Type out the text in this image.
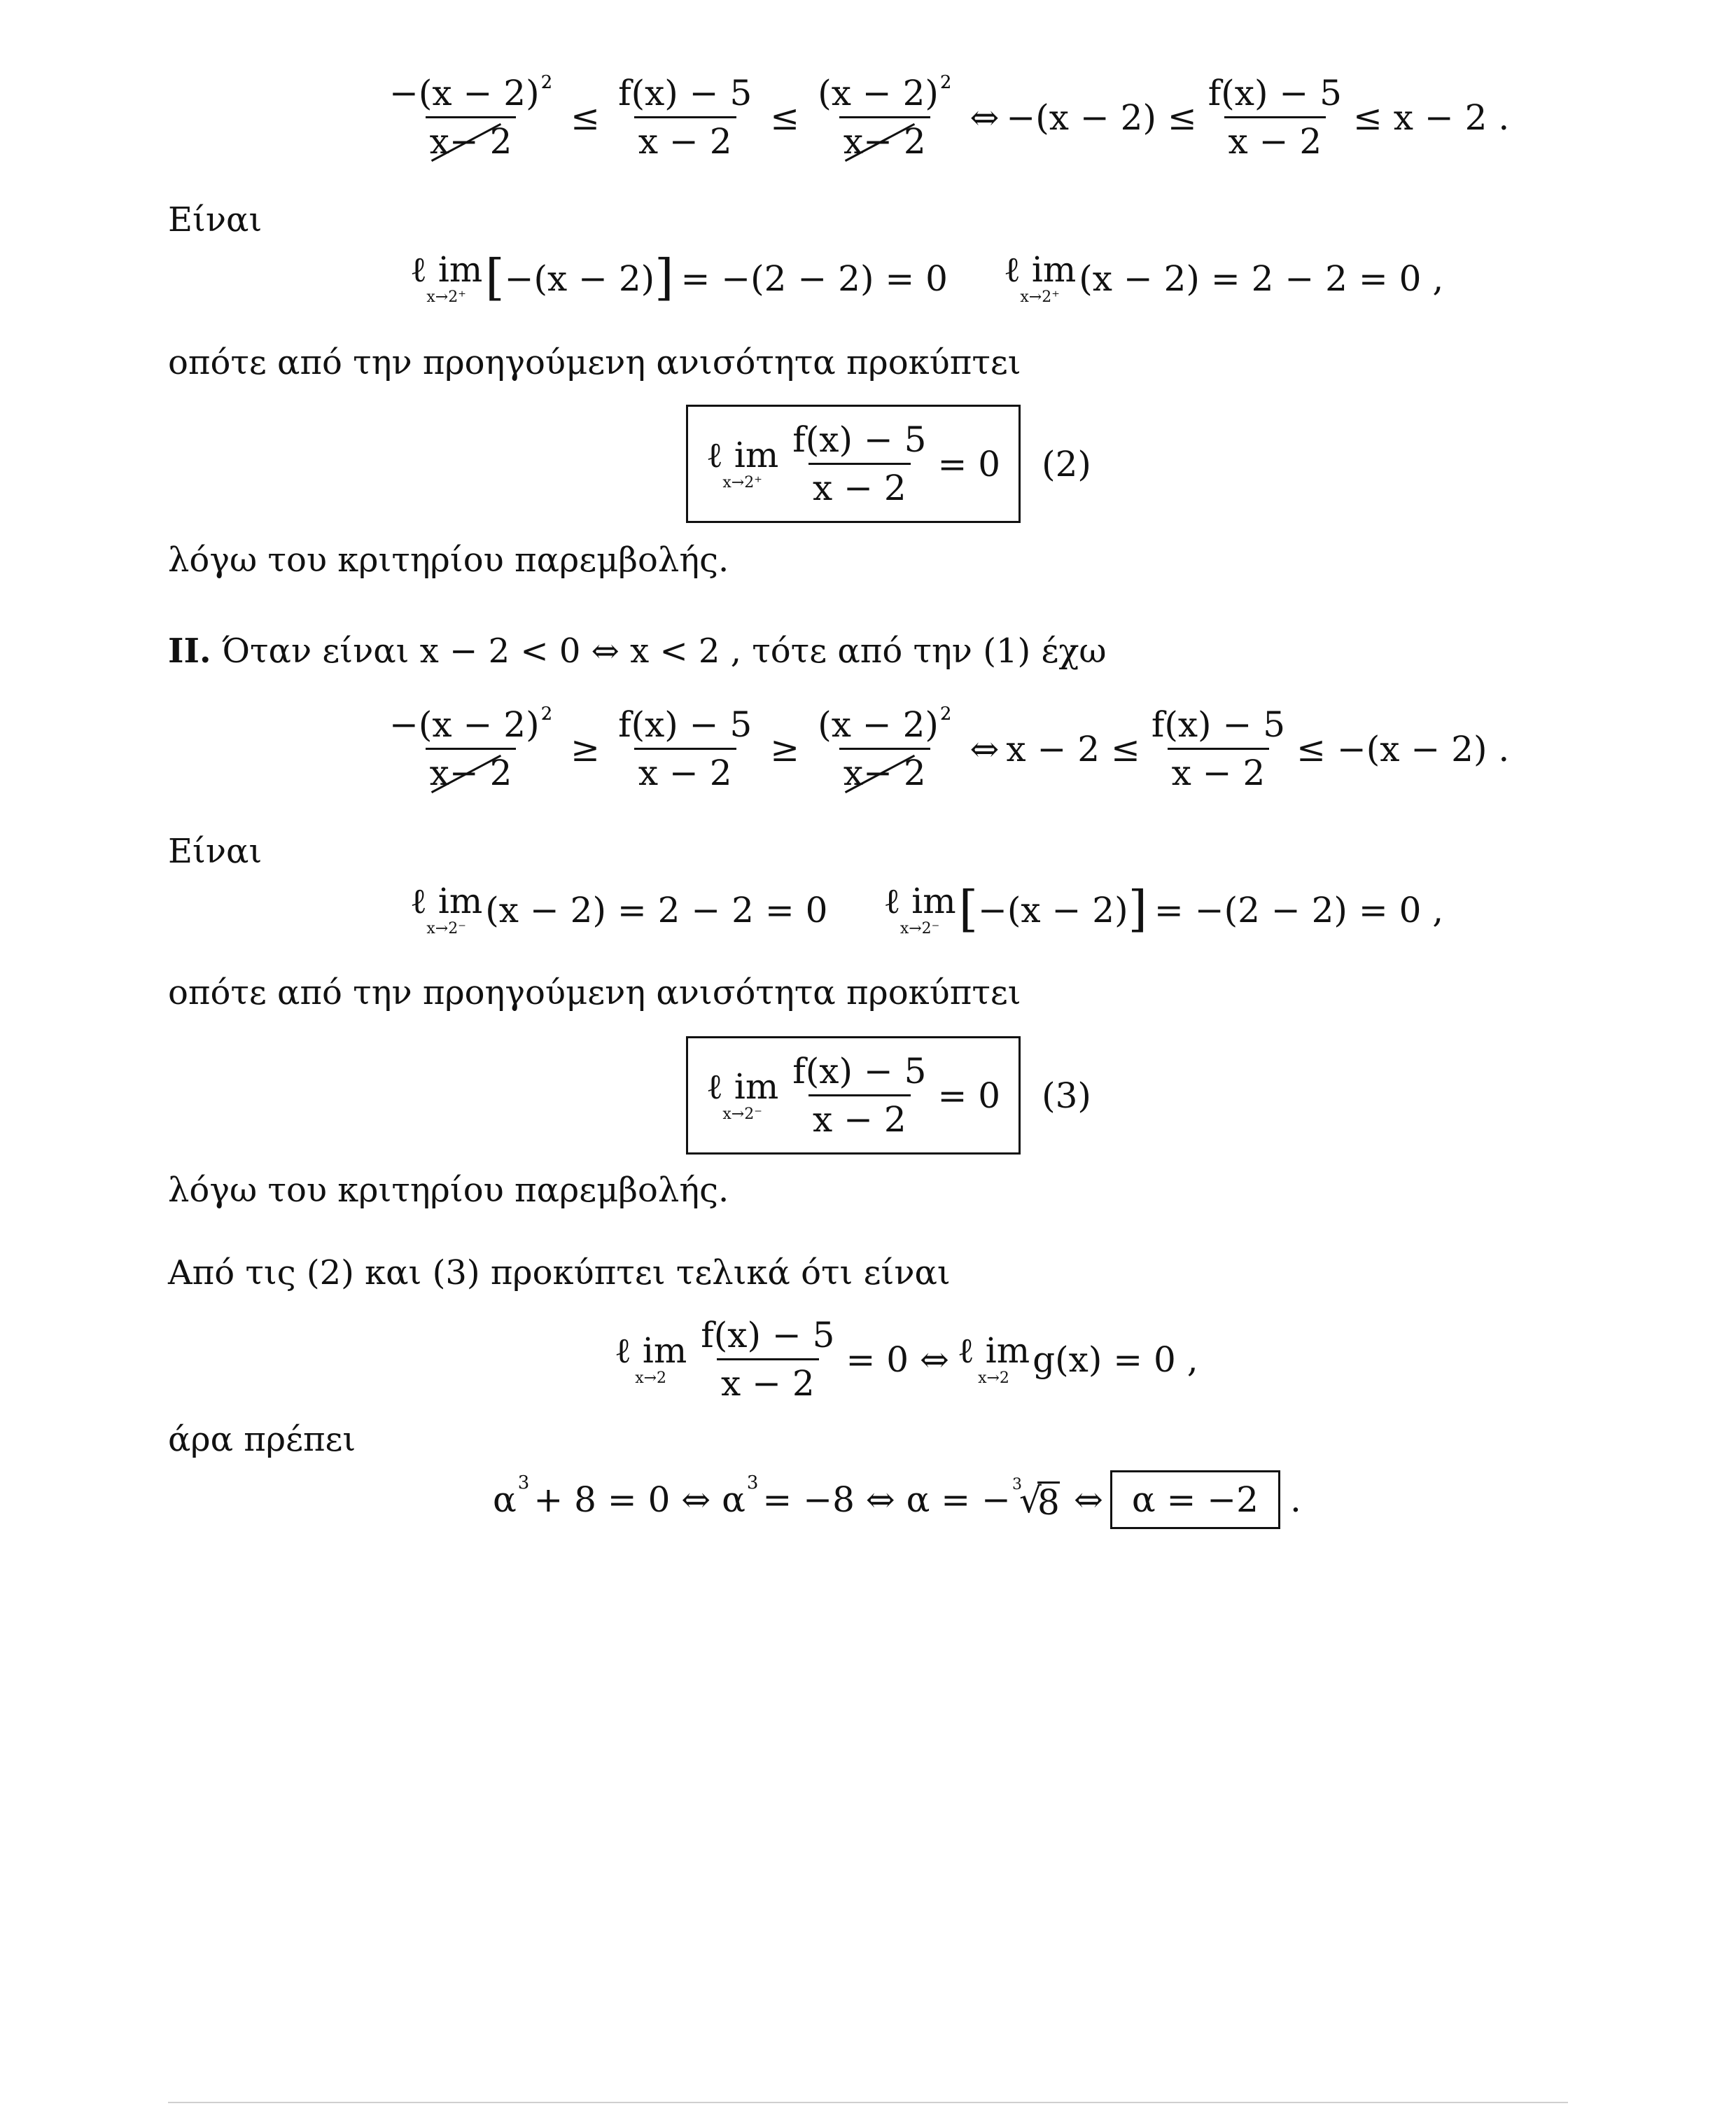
$\frac{-(x - 2)2}{x- 2} \le \frac{f(x) - 5}{x - 2} \le \frac{(x - 2)2}{x- 2}$ ⇔ $-(x - 2) \le \frac{f(x) - 5}{x - 2} \le x - 2$ .
Είναι
ℓ im
x→2⁺ [ −(x − 2) ] = −(2 − 2) = 0 ℓ im
x→2⁺ (x − 2) = 2 − 2 = 0 ,
οπότε από την προηγούμενη ανισότητα προκύπτει
ℓ im
$x\to 2^+ \frac{f(x) - 5}{x - 2} = 0$ (2)
λόγω του κριτηρίου παρεμβολής.
II. Όταν είναι x − 2 < 0 ⇔ x < 2 , τότε από την (1) έχω
$\frac{-(x - 2)2}{x- 2} \ge \frac{f(x) - 5}{x - 2} \ge \frac{(x - 2)2}{x- 2}$ ⇔ $x - 2 \le \frac{f(x) - 5}{x - 2} \le -(x - 2)$ .
Είναι
ℓ im
x→2⁻ (x − 2) = 2 − 2 = 0 ℓ im
x→2⁻ [ −(x − 2) ] = −(2 − 2) = 0 ,
οπότε από την προηγούμενη ανισότητα προκύπτει
ℓ im
$x\to 2^- \frac{f(x) - 5}{x - 2} = 0$ (3)
λόγω του κριτηρίου παρεμβολής.
Από τις (2) και (3) προκύπτει τελικά ότι είναι
ℓ im
$x\to 2 \frac{f(x) - 5}{x - 2} = 0$ ⇔ ℓ im
x→2 g(x) = 0 ,
άρα πρέπει
α 3 + 8 = 0 ⇔ α 3 = −8 ⇔ α = − 3
√
8 ⇔ α = −2 .
